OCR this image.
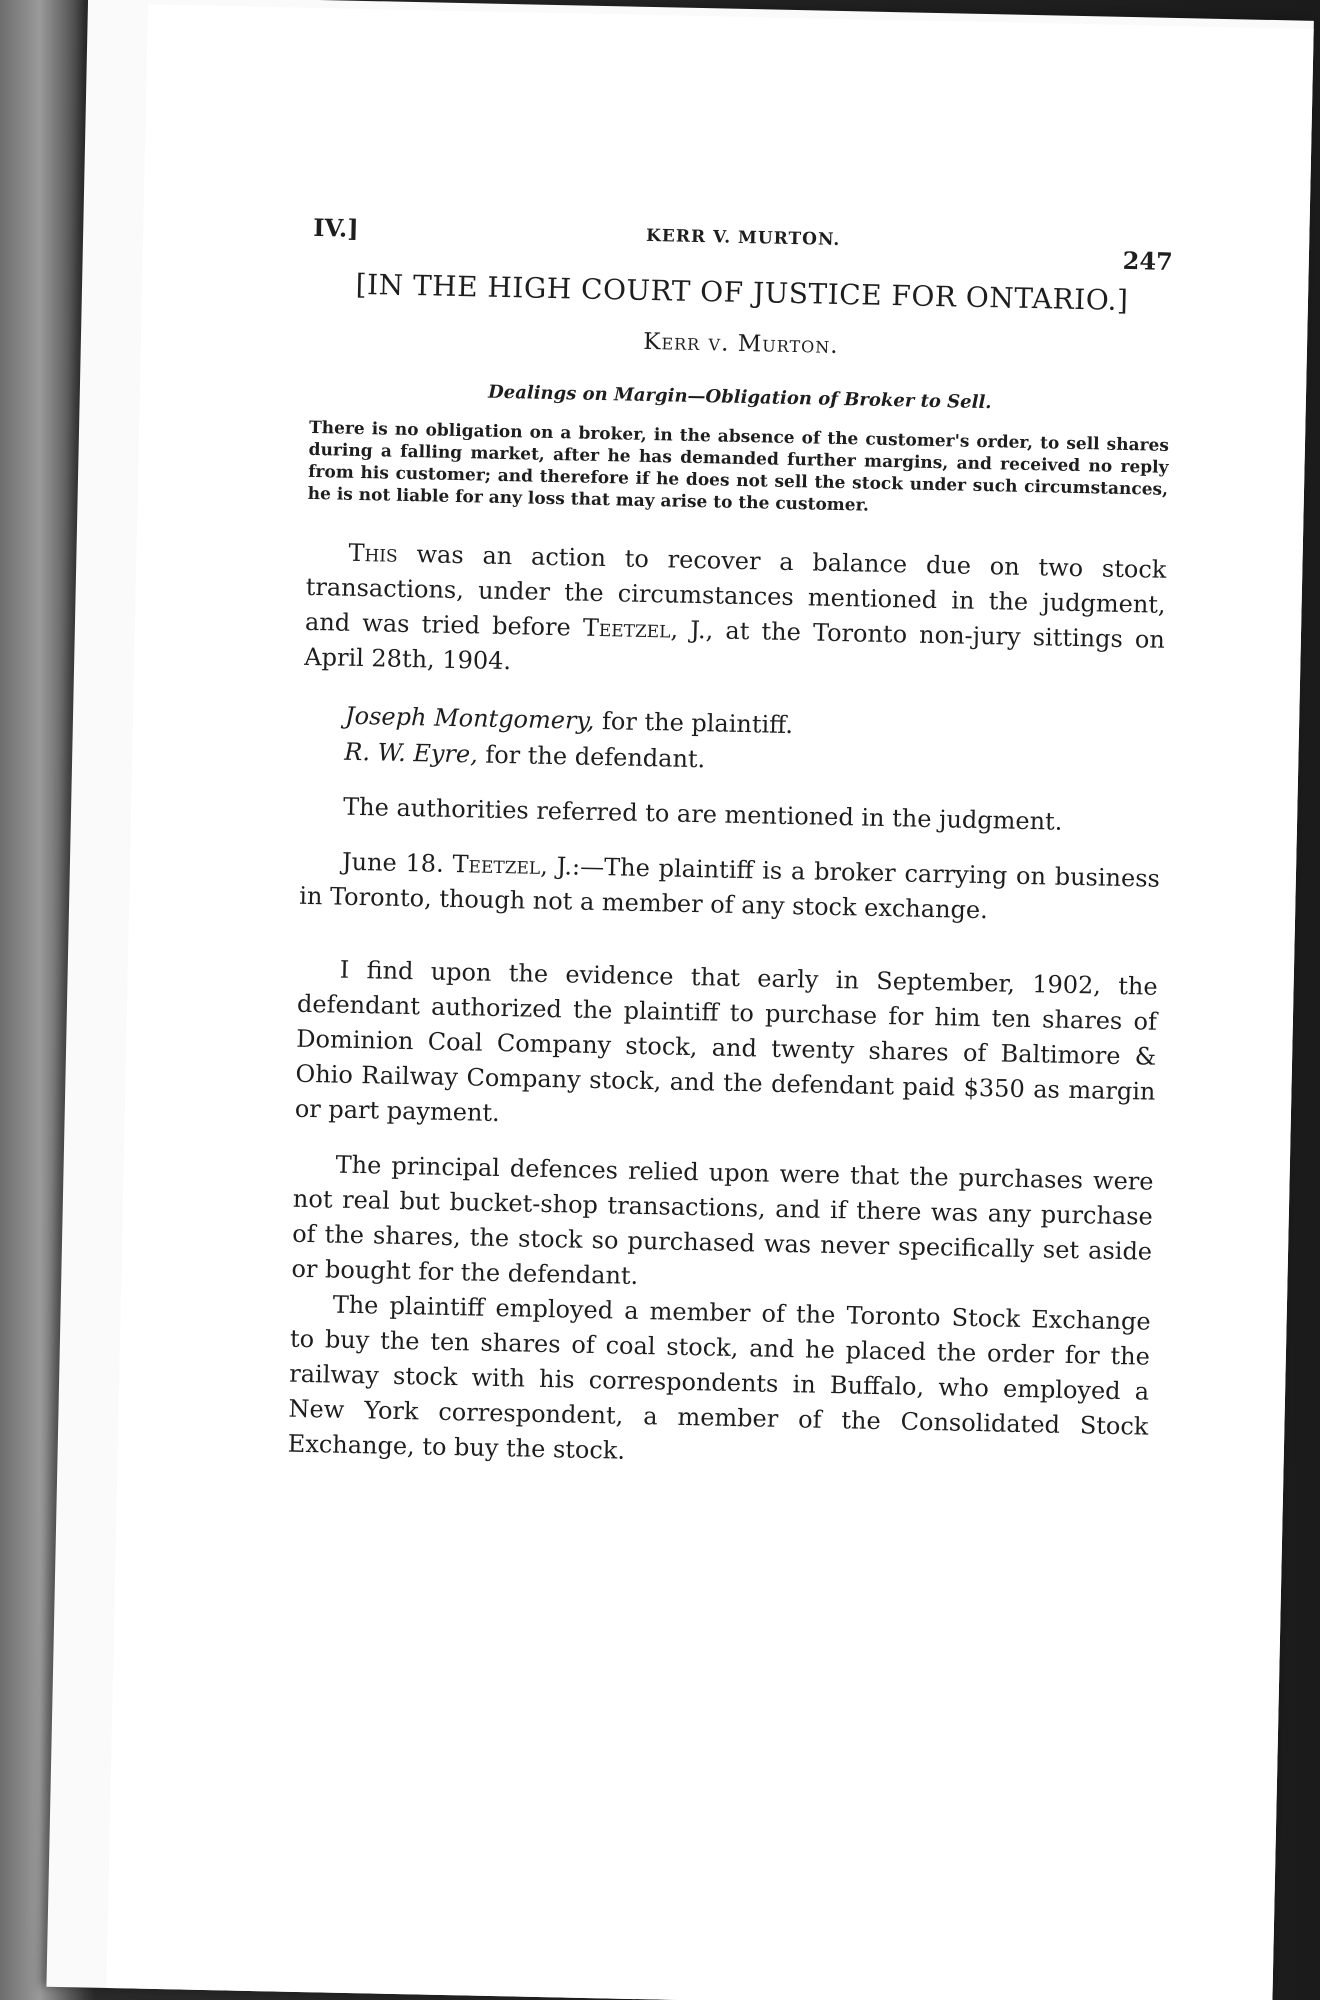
IV.]	KERR V. MURTON.
247
[IN THE HIGH COURT OF JUSTICE FOR ONTARIO.]
Kerr v. Murton.
Dealings on Margin—Obligation of Broker to Sell.

There is no obligation on a broker, in the absence of the customer's order, to sell shares during a falling market, after he has demanded further margins, and received no reply from his customer; and therefore if he does not sell the stock under such circumstances, he is not liable for any loss that may arise to the customer.

This was an action to recover a balance due on two stock transactions, under the circumstances mentioned in the judgment, and was tried before Teetzel, J., at the Toronto non-jury sittings on April 28th, 1904.

Joseph Montgomery, for the plaintiff.
R. W. Eyre, for the defendant.

The authorities referred to are mentioned in the judgment.

June 18. Teetzel, J.:—The plaintiff is a broker carrying on business in Toronto, though not a member of any stock exchange.

I find upon the evidence that early in September, 1902, the defendant authorized the plaintiff to purchase for him ten shares of Dominion Coal Company stock, and twenty shares of Baltimore & Ohio Railway Company stock, and the defendant paid $350 as margin or part payment.

The principal defences relied upon were that the purchases were not real but bucket-shop transactions, and if there was any purchase of the shares, the stock so purchased was never specifically set aside or bought for the defendant.

The plaintiff employed a member of the Toronto Stock Exchange to buy the ten shares of coal stock, and he placed the order for the railway stock with his correspondents in Buffalo, who employed a New York correspondent, a member of the Consolidated Stock Exchange, to buy the stock.
